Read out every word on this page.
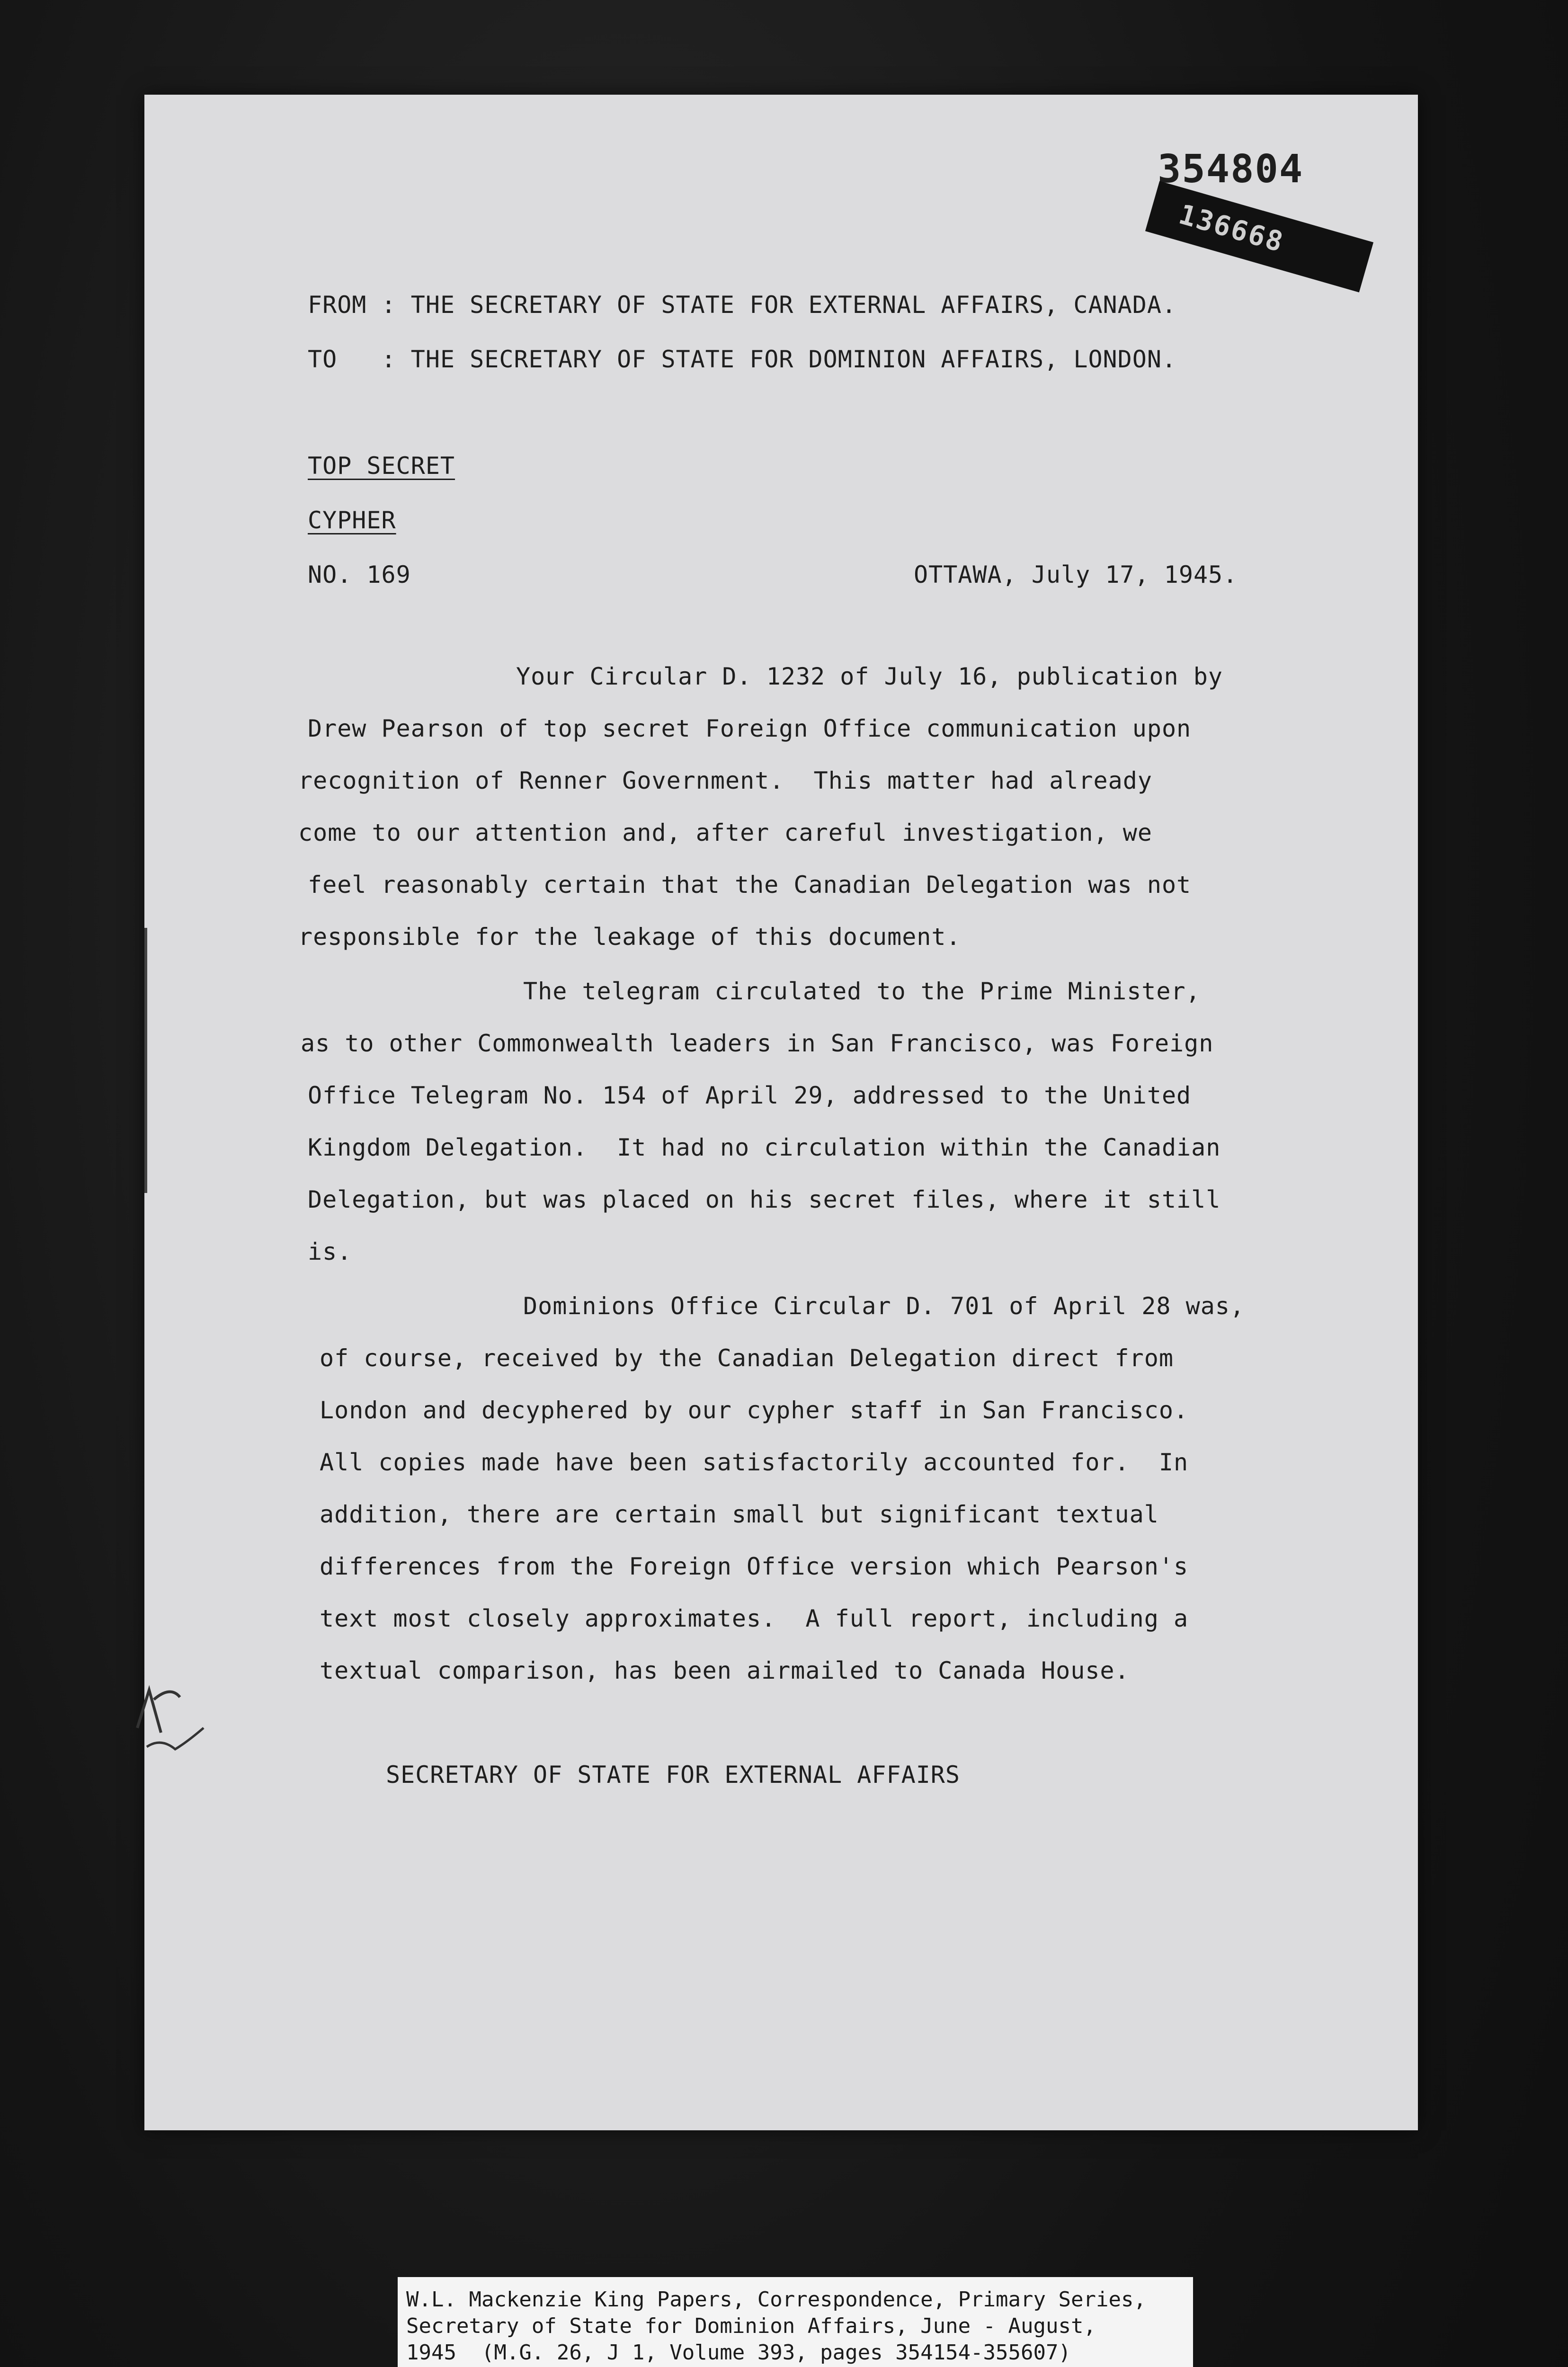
354804
136668
FROM : THE SECRETARY OF STATE FOR EXTERNAL AFFAIRS, CANADA.
TO   : THE SECRETARY OF STATE FOR DOMINION AFFAIRS, LONDON.
TOP SECRET
CYPHER
NO. 169	OTTAWA, July 17, 1945.
Your Circular D. 1232 of July 16, publication by
Drew Pearson of top secret Foreign Office communication upon
recognition of Renner Government.  This matter had already
come to our attention and, after careful investigation, we
feel reasonably certain that the Canadian Delegation was not
responsible for the leakage of this document.
The telegram circulated to the Prime Minister,
as to other Commonwealth leaders in San Francisco, was Foreign
Office Telegram No. 154 of April 29, addressed to the United
Kingdom Delegation.  It had no circulation within the Canadian
Delegation, but was placed on his secret files, where it still
is.
Dominions Office Circular D. 701 of April 28 was,
of course, received by the Canadian Delegation direct from
London and decyphered by our cypher staff in San Francisco.
All copies made have been satisfactorily accounted for.  In
addition, there are certain small but significant textual
differences from the Foreign Office version which Pearson's
text most closely approximates.  A full report, including a
textual comparison, has been airmailed to Canada House.
SECRETARY OF STATE FOR EXTERNAL AFFAIRS
W.L. Mackenzie King Papers, Correspondence, Primary Series,
Secretary of State for Dominion Affairs, June - August,
1945  (M.G. 26, J 1, Volume 393, pages 354154-355607)
